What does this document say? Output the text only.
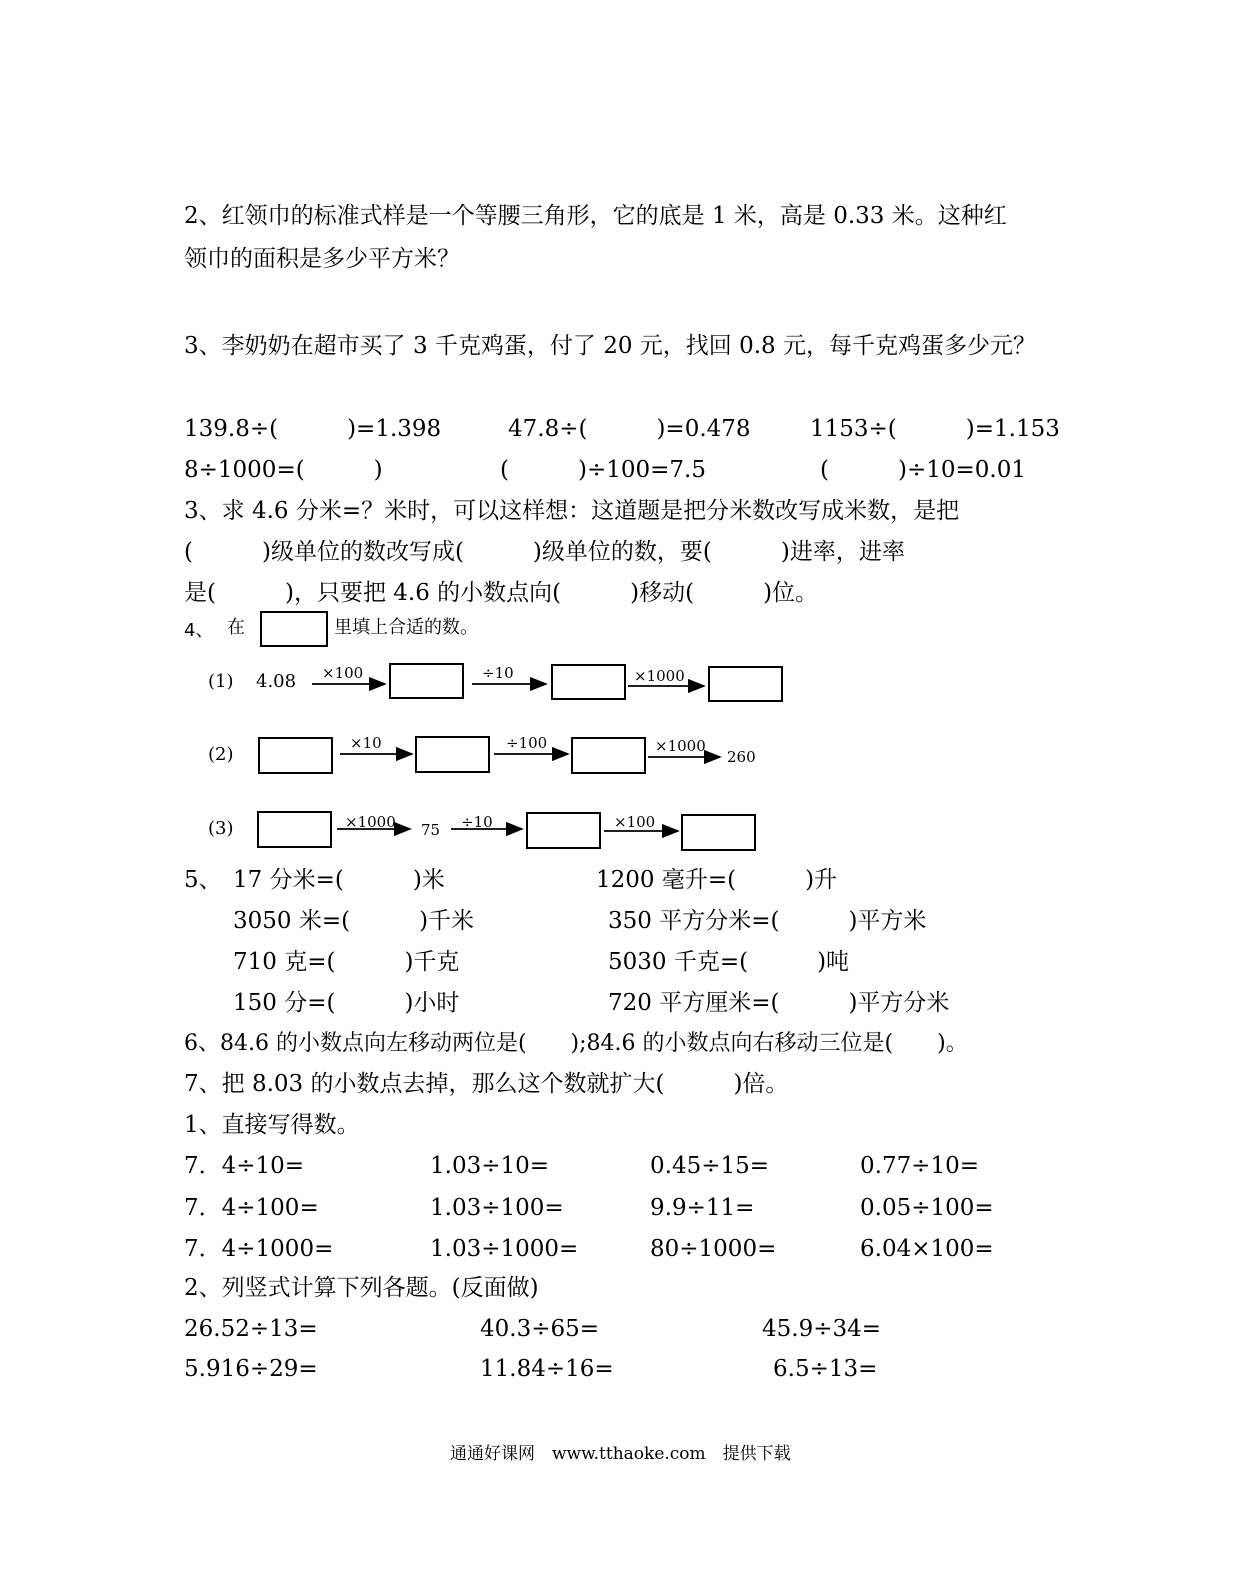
2、红领巾的标准式样是一个等腰三角形，它的底是 1 米，高是 0.33 米。这种红
领巾的面积是多少平方米？
3、李奶奶在超市买了 3 千克鸡蛋，付了 20 元，找回 0.8 元，每千克鸡蛋多少元？
139.8÷(　　　)=1.398	47.8÷(　　　)=0.478	1153÷(　　　)=1.153
8÷1000=(　　　)	(　　　)÷100=7.5	(　　　)÷10=0.01
3、求 4.6 分米=？米时，可以这样想：这道题是把分米数改写成米数，是把
(　　　)级单位的数改写成(　　　)级单位的数，要(　　　)进率，进率
是(　　　)，只要把 4.6 的小数点向(　　　)移动(　　　)位。
4、 在	里填上合适的数。
(1) 4.08 ×100	÷10	×1000
(2)
×10	÷100	×1000
260
(3)	×1000 75 ÷10	×100
5、 17 分米=(　　　)米	1200 毫升=(　　　)升
3050 米=(　　　)千米	350 平方分米=(　　　)平方米
710 克=(　　　)千克	5030 千克=(　　　)吨
150 分=(　　　)小时	720 平方厘米=(　　　)平方分米
6、84.6 的小数点向左移动两位是(　　);84.6 的小数点向右移动三位是(　　)。
7、把 8.03 的小数点去掉，那么这个数就扩大(　　　)倍。
1、直接写得数。
7．4÷10=	1.03÷10=	0.45÷15=	0.77÷10=
7．4÷100=	1.03÷100=	9.9÷11=	0.05÷100=
7．4÷1000=	1.03÷1000=	80÷1000=	6.04×100=
2、列竖式计算下列各题。(反面做)
26.52÷13=	40.3÷65=	45.9÷34=
5.916÷29=	11.84÷16=	6.5÷13=
通通好课网　www.tthaoke.com　提供下载
